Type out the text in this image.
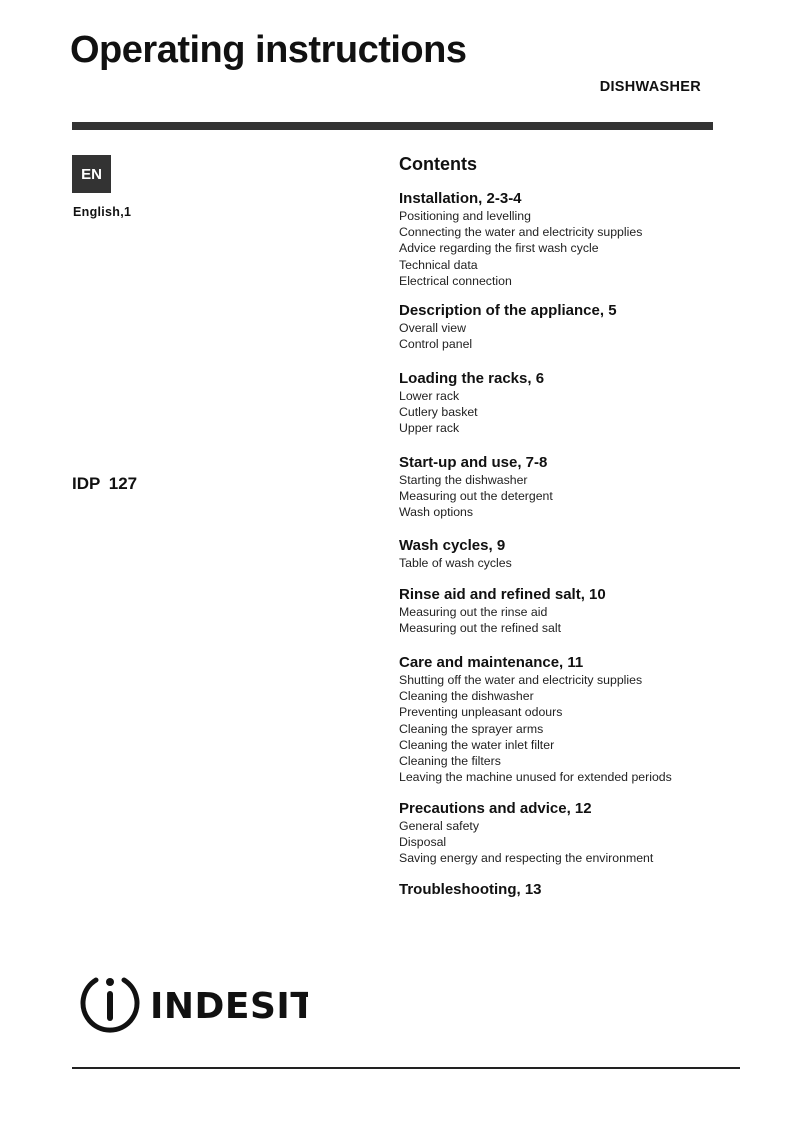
Operating instructions
DISHWASHER
EN
English,1
IDP 127
Contents
Installation, 2-3-4
Positioning and levelling
Connecting the water and electricity supplies
Advice regarding the first wash cycle
Technical data
Electrical connection
Description of the appliance, 5
Overall view
Control panel
Loading the racks, 6
Lower rack
Cutlery basket
Upper rack
Start-up and use, 7-8
Starting the dishwasher
Measuring out the detergent
Wash options
Wash cycles, 9
Table of wash cycles
Rinse aid and refined salt, 10
Measuring out the rinse aid
Measuring out the refined salt
Care and maintenance, 11
Shutting off the water and electricity supplies
Cleaning the dishwasher
Preventing unpleasant odours
Cleaning the sprayer arms
Cleaning the water inlet filter
Cleaning the filters
Leaving the machine unused for extended periods
Precautions and advice, 12
General safety
Disposal
Saving energy and respecting the environment
Troubleshooting, 13
INDESIT
